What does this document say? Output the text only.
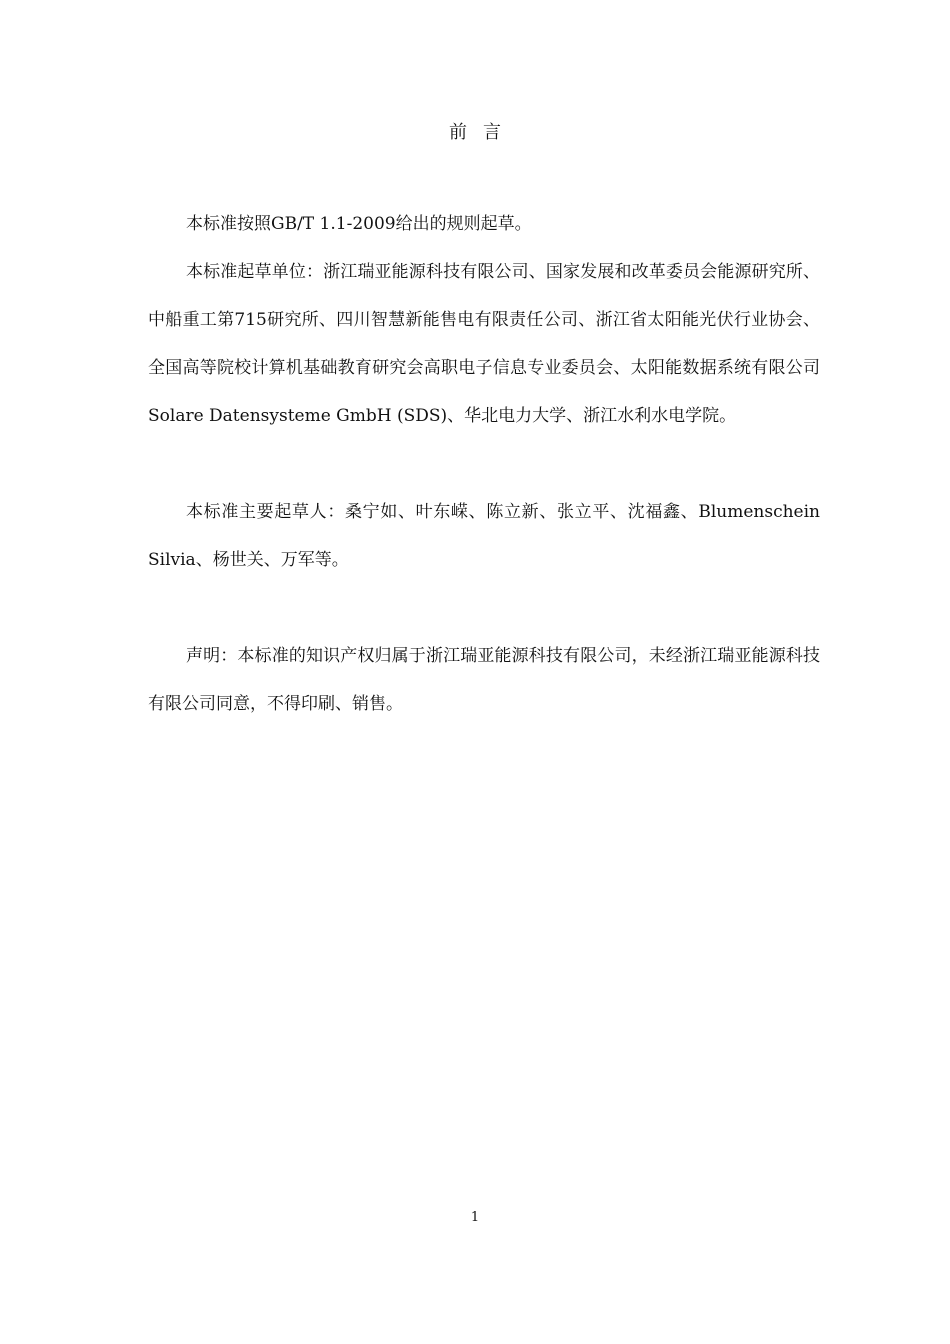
前言

本标准按照GB/T 1.1-2009给出的规则起草。

本标准起草单位：浙江瑞亚能源科技有限公司、国家发展和改革委员会能源研究所、中船重工第715研究所、四川智慧新能售电有限责任公司、浙江省太阳能光伏行业协会、全国高等院校计算机基础教育研究会高职电子信息专业委员会、太阳能数据系统有限公司Solare Datensysteme GmbH (SDS)、华北电力大学、浙江水利水电学院。

本标准主要起草人：桑宁如、叶东嵘、陈立新、张立平、沈福鑫、Blumenschein Silvia、杨世关、万军等。

声明：本标准的知识产权归属于浙江瑞亚能源科技有限公司，未经浙江瑞亚能源科技有限公司同意，不得印刷、销售。

1
